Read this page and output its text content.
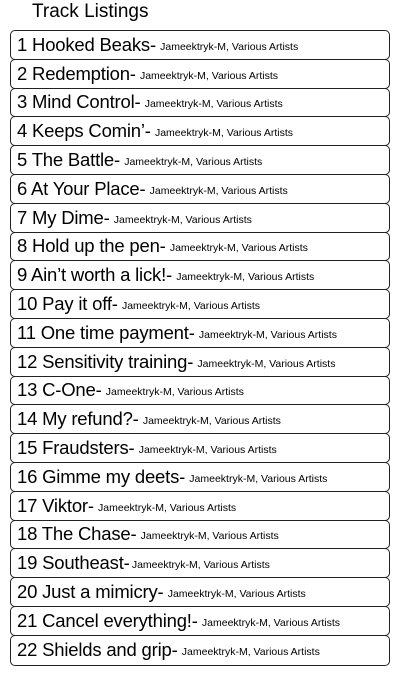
Track Listings
1 Hooked Beaks - Jameektryk-M, Various Artists
2 Redemption - Jameektryk-M, Various Artists
3 Mind Control - Jameektryk-M, Various Artists
4 Keeps Comin’ - Jameektryk-M, Various Artists
5 The Battle - Jameektryk-M, Various Artists
6 At Your Place - Jameektryk-M, Various Artists
7 My Dime - Jameektryk-M, Various Artists
8 Hold up the pen - Jameektryk-M, Various Artists
9 Ain’t worth a lick! - Jameektryk-M, Various Artists
10 Pay it off - Jameektryk-M, Various Artists
11 One time payment - Jameektryk-M, Various Artists
12 Sensitivity training - Jameektryk-M, Various Artists
13 C-One - Jameektryk-M, Various Artists
14 My refund? - Jameektryk-M, Various Artists
15 Fraudsters - Jameektryk-M, Various Artists
16 Gimme my deets - Jameektryk-M, Various Artists
17 Viktor - Jameektryk-M, Various Artists
18 The Chase - Jameektryk-M, Various Artists
19 Southeast - Jameektryk-M, Various Artists
20 Just a mimicry - Jameektryk-M, Various Artists
21 Cancel everything! - Jameektryk-M, Various Artists
22 Shields and grip - Jameektryk-M, Various Artists
